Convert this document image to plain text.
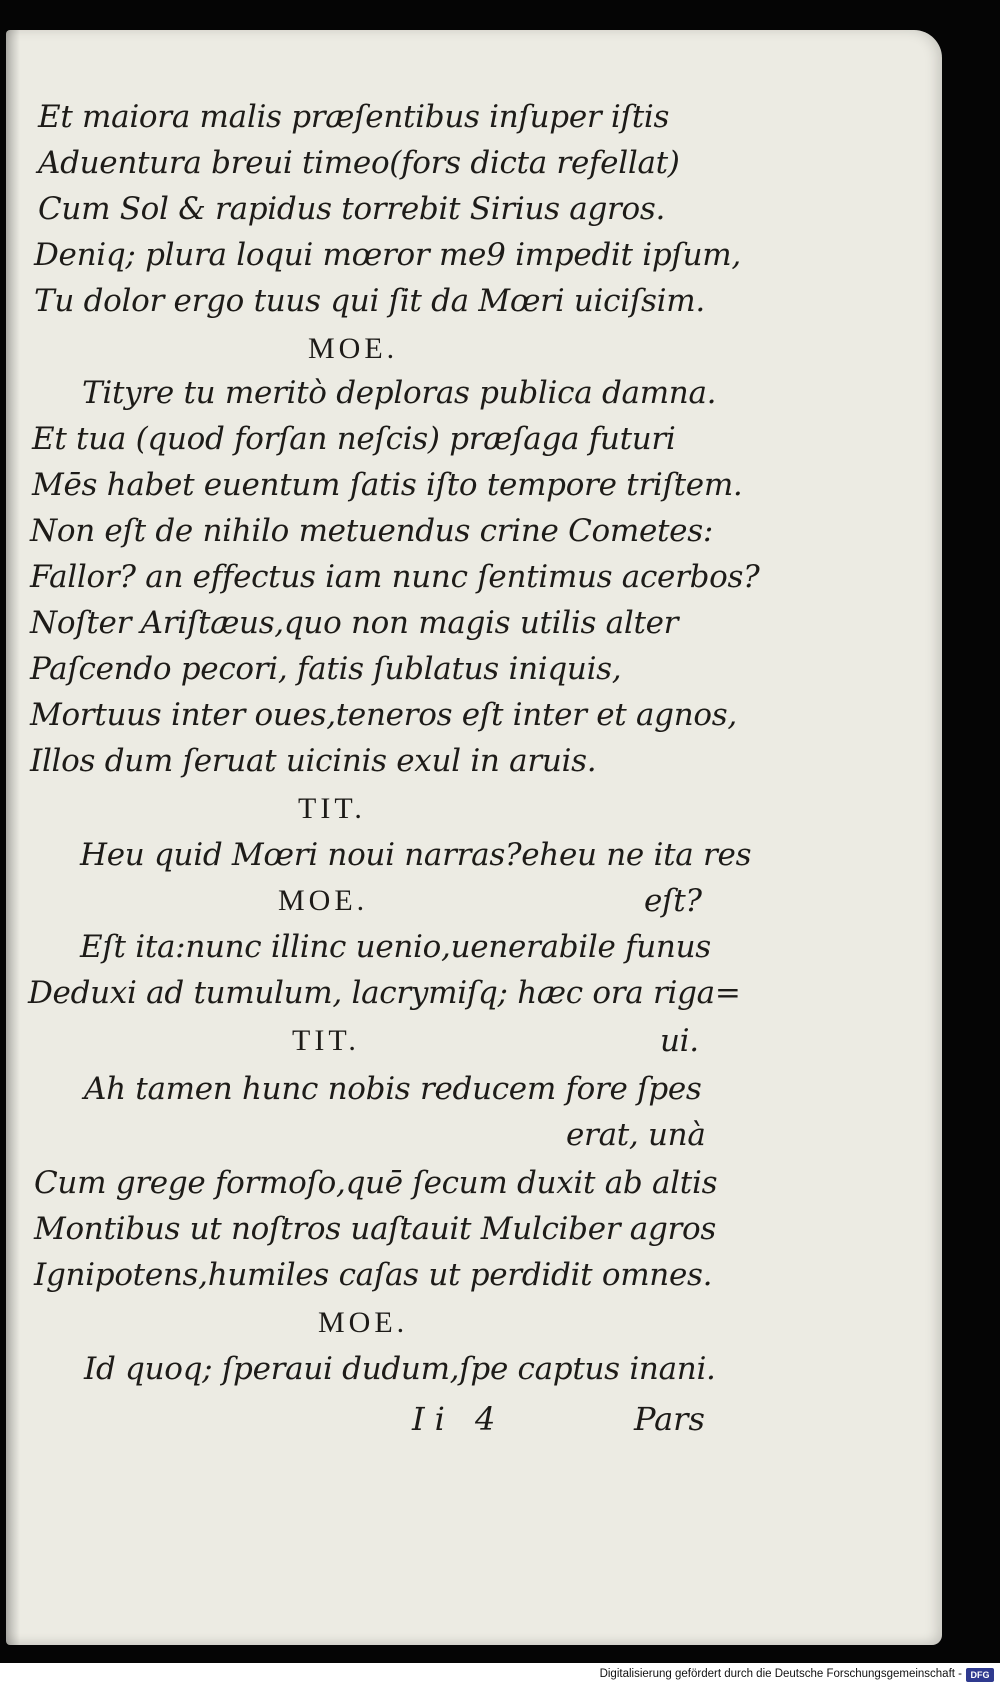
Et maiora malis præſentibus inſuper iſtis
Aduentura breui timeo(fors dicta refellat)
Cum Sol & rapidus torrebit Sirius agros.
Deniq; plura loqui mœror me9 impedit ipſum,
Tu dolor ergo tuus qui ſit da Mœri uiciſsim.
MOE.
Tityre tu meritò deploras publica damna.
Et tua (quod forſan neſcis) præſaga futuri
Mēs habet euentum ſatis iſto tempore triſtem.
Non eſt de nihilo metuendus crine Cometes:
Fallor? an effectus iam nunc ſentimus acerbos?
Noſter Ariſtæus,quo non magis utilis alter
Paſcendo pecori, fatis ſublatus iniquis,
Mortuus inter oues,teneros eſt inter et agnos,
Illos dum ſeruat uicinis exul in aruis.
TIT.
Heu quid Mœri noui narras?eheu ne ita res
MOE.	eſt?
Eſt ita:nunc illinc uenio,uenerabile funus
Deduxi ad tumulum, lacrymiſq; hæc ora riga=
TIT.	ui.
Ah tamen hunc nobis reducem fore ſpes
erat, unà
Cum grege formoſo,quē ſecum duxit ab altis
Montibus ut noſtros uaſtauit Mulciber agros
Ignipotens,humiles caſas ut perdidit omnes.
MOE.
Id quoq; ſperaui dudum,ſpe captus inani.
Ii 4	Pars
Digitalisierung gefördert durch die Deutsche Forschungsgemeinschaft - DFG
